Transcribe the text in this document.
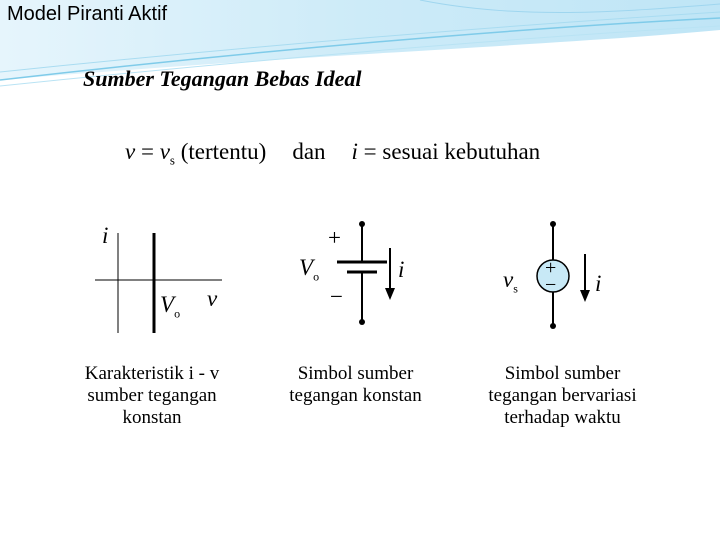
Model Piranti Aktif
Sumber Tegangan Bebas Ideal
$v = v_s$ (tertentu) dan i = sesuai kebutuhan
i
v
$V_o$
Karakteristik i - v
sumber tegangan
konstan
+
−
$V_o$	i
Simbol sumber
tegangan konstan
$v_s$
+
− i
Simbol sumber
tegangan bervariasi
terhadap waktu
